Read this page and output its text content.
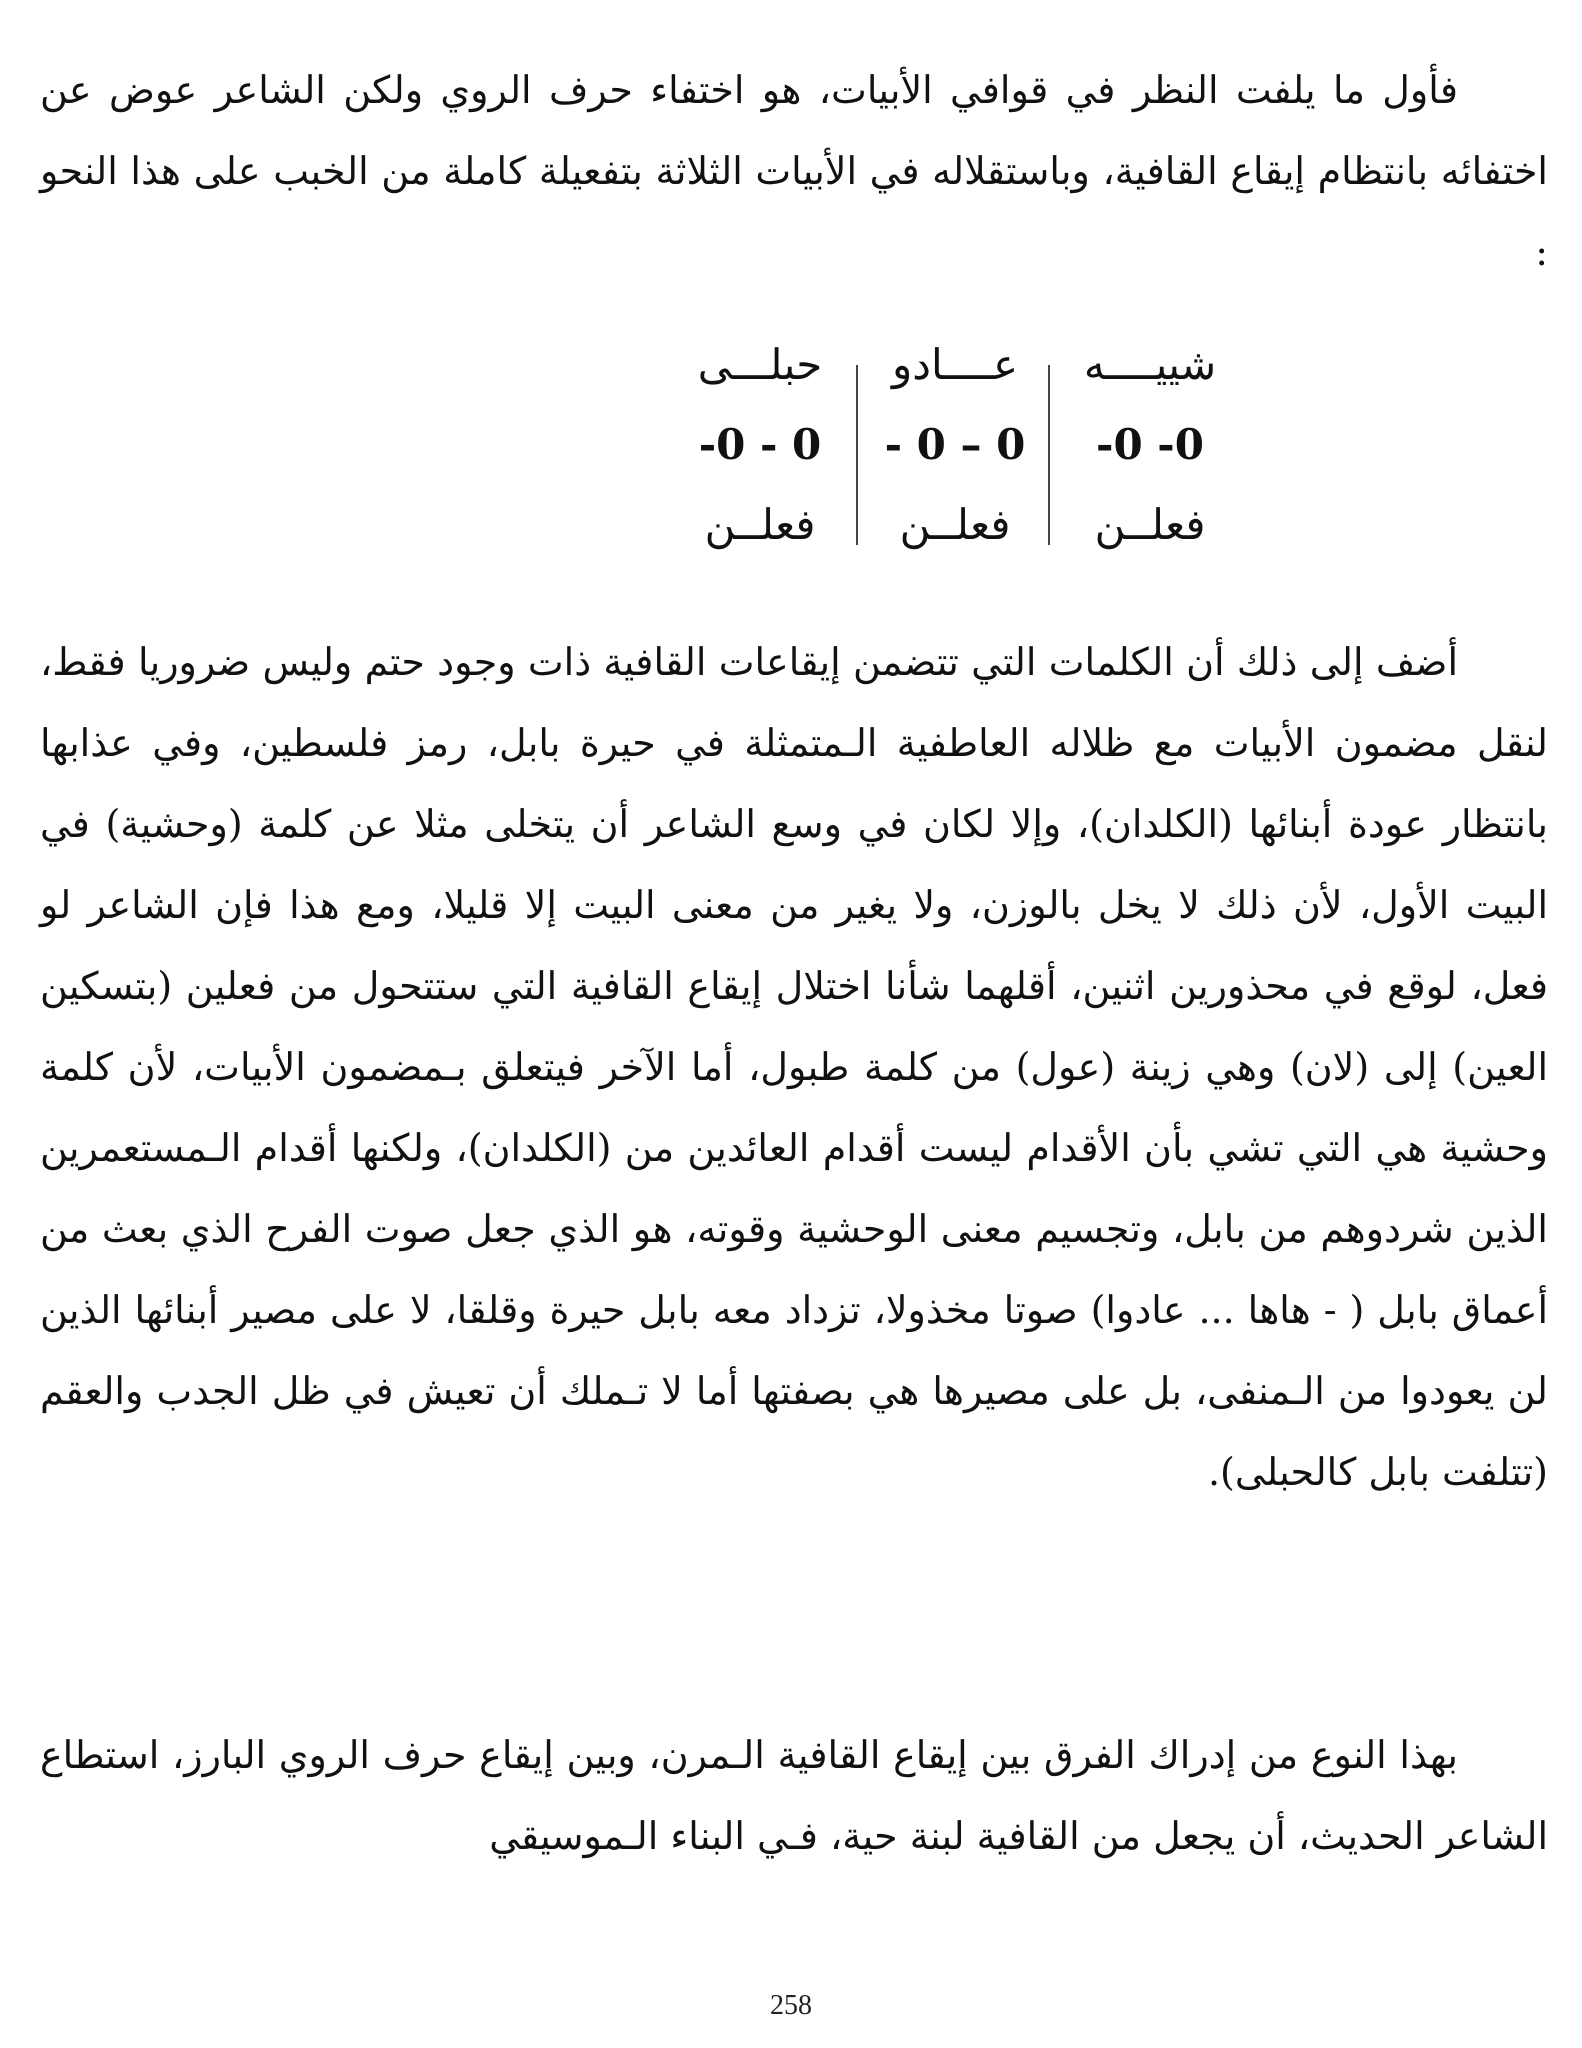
فأول ما يلفت النظر في قوافي الأبيات، هو اختفاء حرف الروي ولكن الشاعر عوض عن اختفائه بانتظام إيقاع القافية، وباستقلاله في الأبيات الثلاثة بتفعيلة كاملة من الخبب على هذا النحو :

شييــــه
-0 -0
فعلــن
عــــادو
- 0 – 0
فعلــن
حبلـــى
-0 - 0
فعلــن

أضف إلى ذلك أن الكلمات التي تتضمن إيقاعات القافية ذات وجود حتم وليس ضروريا فقط، لنقل مضمون الأبيات مع ظلاله العاطفية الـمتمثلة في حيرة بابل، رمز فلسطين، وفي عذابها بانتظار عودة أبنائها (الكلدان)، وإلا لكان في وسع الشاعر أن يتخلى مثلا عن كلمة (وحشية) في البيت الأول، لأن ذلك لا يخل بالوزن، ولا يغير من معنى البيت إلا قليلا، ومع هذا فإن الشاعر لو فعل، لوقع في محذورين اثنين، أقلهما شأنا اختلال إيقاع القافية التي ستتحول من فعلين (بتسكين العين) إلى (لان) وهي زينة (عول) من كلمة طبول، أما الآخر فيتعلق بـمضمون الأبيات، لأن كلمة وحشية هي التي تشي بأن الأقدام ليست أقدام العائدين من (الكلدان)، ولكنها أقدام الـمستعمرين الذين شردوهم من بابل، وتجسيم معنى الوحشية وقوته، هو الذي جعل صوت الفرح الذي بعث من أعماق بابل ( - هاها ... عادوا) صوتا مخذولا، تزداد معه بابل حيرة وقلقا، لا على مصير أبنائها الذين لن يعودوا من الـمنفى، بل على مصيرها هي بصفتها أما لا تـملك أن تعيش في ظل الجدب والعقم (تتلفت بابل كالحبلى).

بهذا النوع من إدراك الفرق بين إيقاع القافية الـمرن، وبين إيقاع حرف الروي البارز، استطاع الشاعر الحديث، أن يجعل من القافية لبنة حية، فـي البناء الـموسيقي

258
